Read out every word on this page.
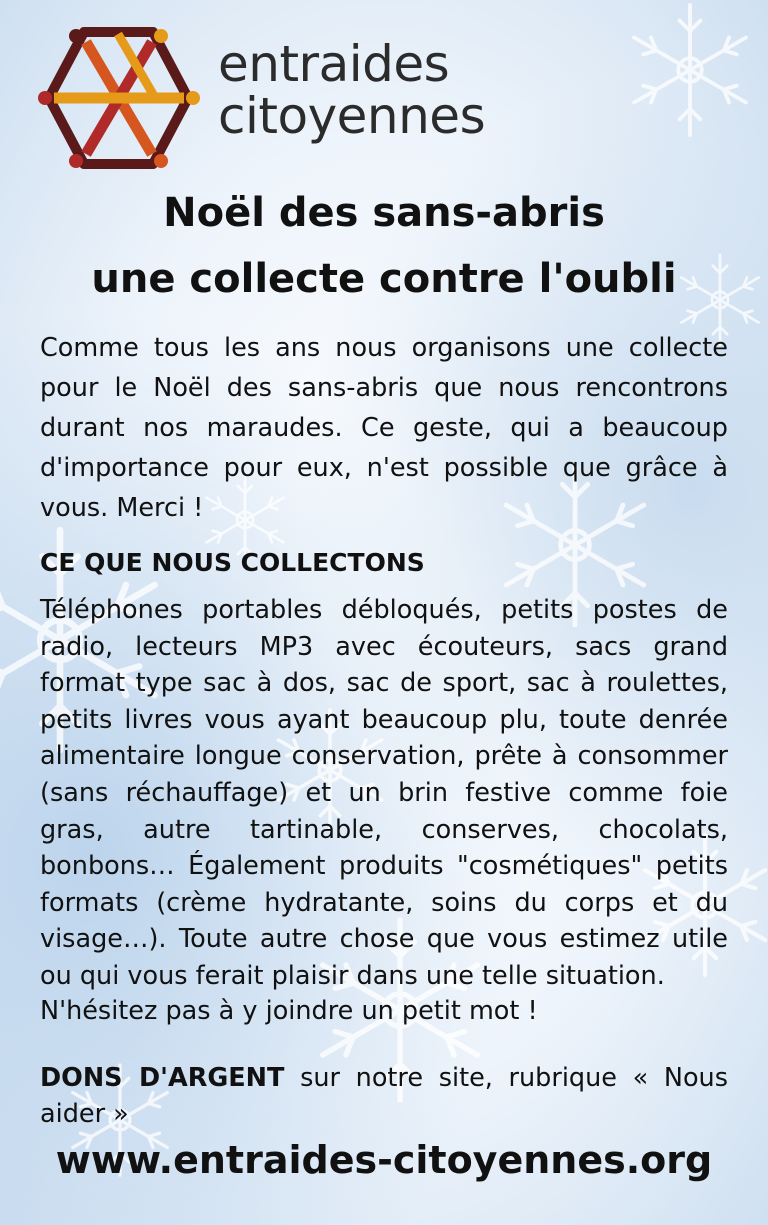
entraides
citoyennes
Noël des sans-abris
une collecte contre l'oubli
Comme tous les ans nous organisons une collecte pour le Noël des sans-abris que nous rencontrons durant nos maraudes. Ce geste, qui a beaucoup d'importance pour eux, n'est possible que grâce à vous. Merci !
CE QUE NOUS COLLECTONS
Téléphones portables débloqués, petits postes de radio, lecteurs MP3 avec écouteurs, sacs grand format type sac à dos, sac de sport, sac à roulettes, petits livres vous ayant beaucoup plu, toute denrée alimentaire longue conservation, prête à consommer (sans réchauffage) et un brin festive comme foie gras, autre tartinable, conserves, chocolats, bonbons… Également produits "cosmétiques" petits formats (crème hydratante, soins du corps et du visage…). Toute autre chose que vous estimez utile ou qui vous ferait plaisir dans une telle situation.
N'hésitez pas à y joindre un petit mot !
DONS D'ARGENT sur notre site, rubrique « Nous aider »
www.entraides-citoyennes.org
